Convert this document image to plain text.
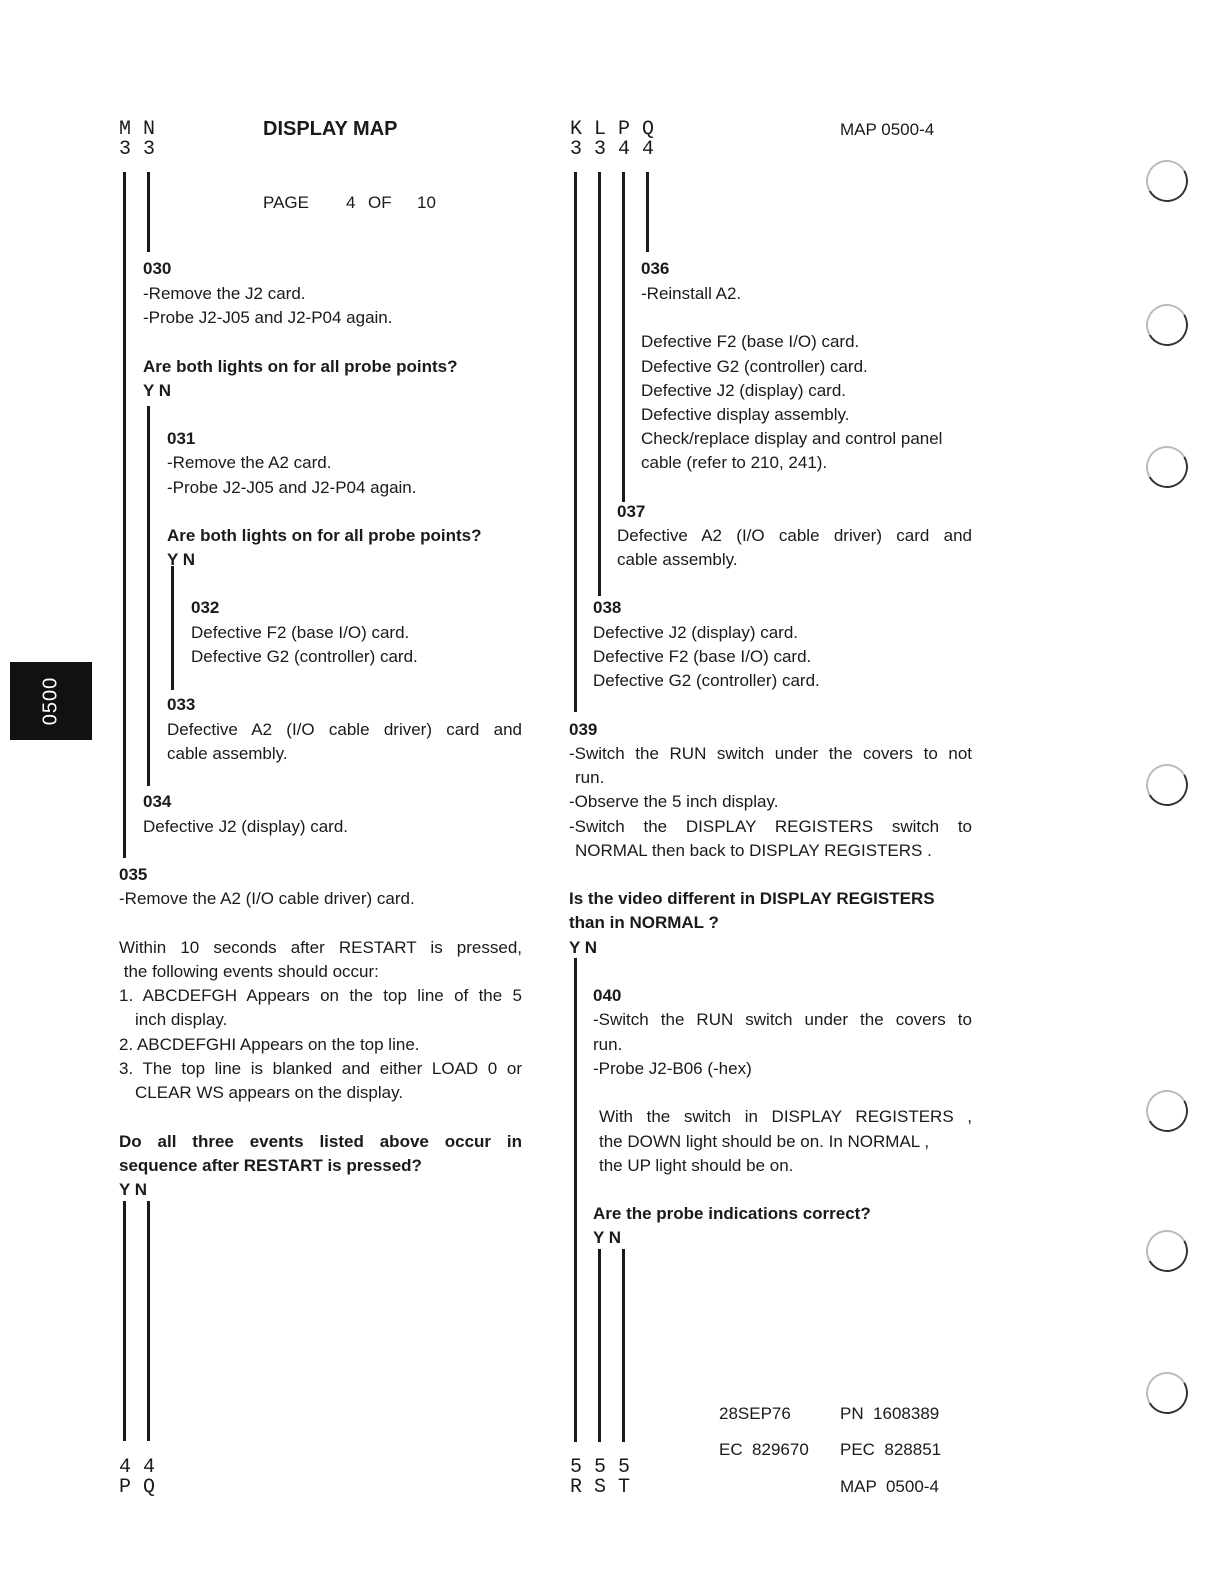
0500
M
3
N
3
DISPLAY MAP
PAGE 4 OF 10
K
3
L
3
P
4
Q
4
MAP 0500-4
030
-Remove the J2 card.
-Probe J2-J05 and J2-P04 again.
Are both lights on for all probe points?
Y N
031
-Remove the A2 card.
-Probe J2-J05 and J2-P04 again.
Are both lights on for all probe points?
Y N
032
Defective F2 (base I/O) card.
Defective G2 (controller) card.
033
Defective A2 (I/O cable driver) card and
cable assembly.
034
Defective J2 (display) card.
035
-Remove the A2 (I/O cable driver) card.
Within 10 seconds after RESTART is pressed,
the following events should occur:
1. ABCDEFGH Appears on the top line of the 5
inch display.
2. ABCDEFGHI Appears on the top line.
3. The top line is blanked and either LOAD 0 or
CLEAR WS appears on the display.
Do all three events listed above occur in
sequence after RESTART is pressed?
Y N
4
P
4
Q
036
-Reinstall A2.
Defective F2 (base I/O) card.
Defective G2 (controller) card.
Defective J2 (display) card.
Defective display assembly.
Check/replace display and control panel
cable (refer to 210, 241).
037
Defective A2 (I/O cable driver) card and
cable assembly.
038
Defective J2 (display) card.
Defective F2 (base I/O) card.
Defective G2 (controller) card.
039
-Switch the RUN switch under the covers to not
run.
-Observe the 5 inch display.
-Switch the DISPLAY REGISTERS switch to
NORMAL then back to DISPLAY REGISTERS .
Is the video different in DISPLAY REGISTERS
than in NORMAL ?
Y N
040
-Switch the RUN switch under the covers to
run.
-Probe J2-B06 (-hex)
With the switch in DISPLAY REGISTERS ,
the DOWN light should be on. In NORMAL ,
the UP light should be on.
Are the probe indications correct?
Y N
5
R
5
S
5
T
28SEP76	PN  1608389
EC  829670 PEC  828851
MAP  0500-4
